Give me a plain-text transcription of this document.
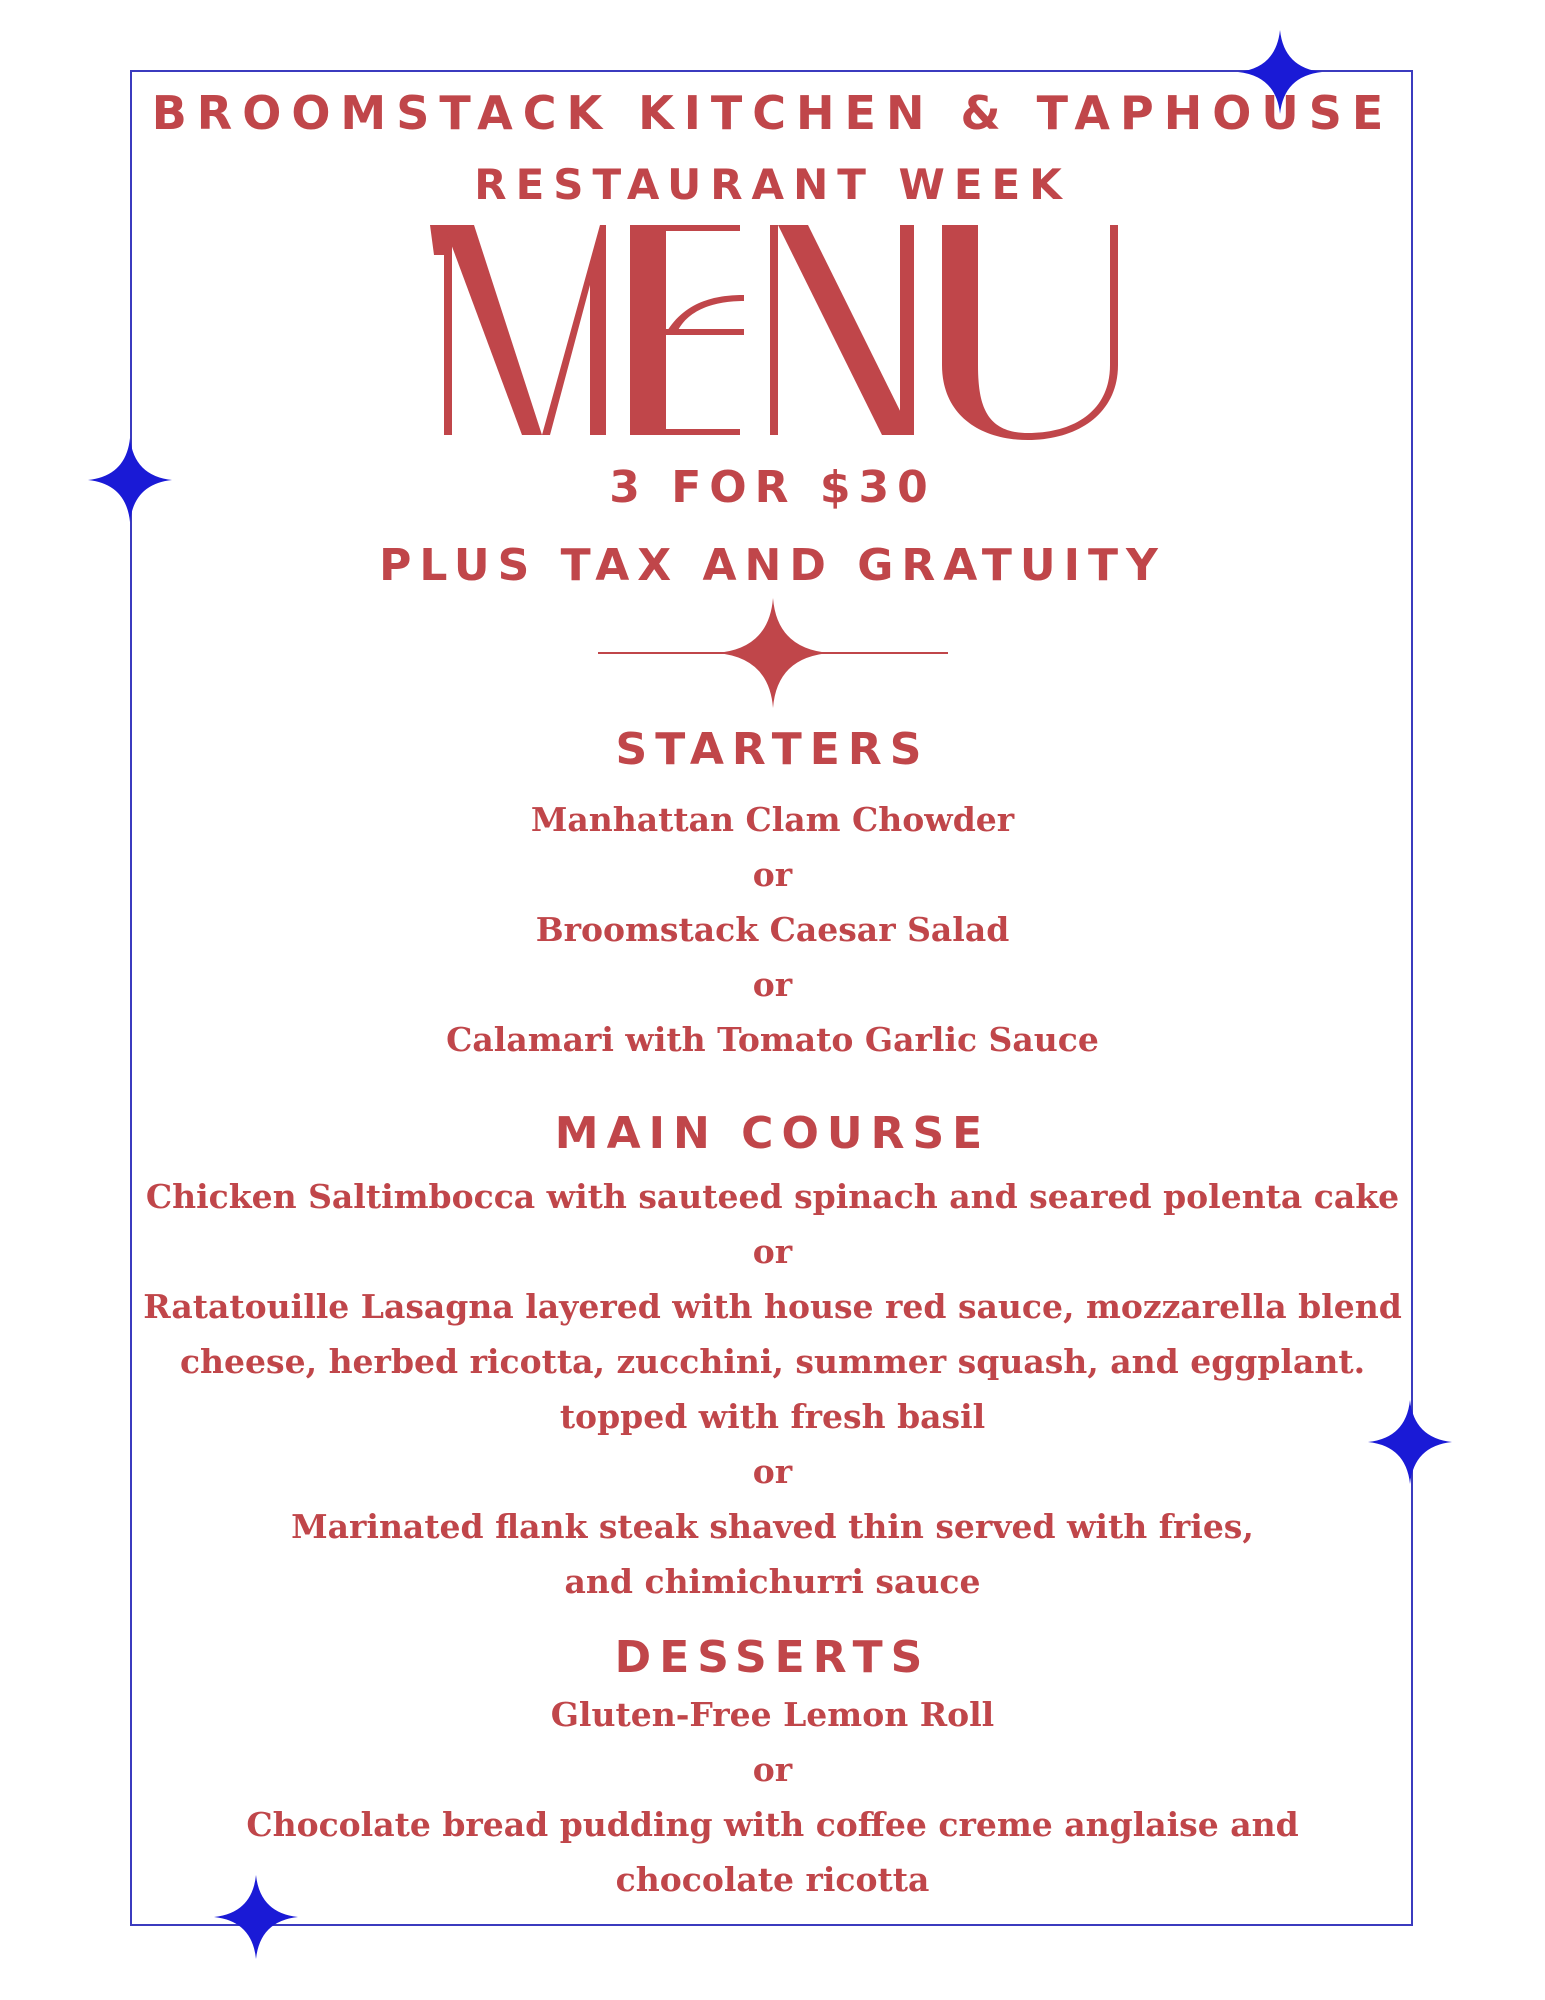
BROOMSTACK KITCHEN & TAPHOUSE
RESTAURANT WEEK
3 FOR $30
PLUS TAX AND GRATUITY
STARTERS
Manhattan Clam Chowder
or
Broomstack Caesar Salad
or
Calamari with Tomato Garlic Sauce
MAIN COURSE
Chicken Saltimbocca with sauteed spinach and seared polenta cake
or
Ratatouille Lasagna layered with house red sauce, mozzarella blend
cheese, herbed ricotta, zucchini, summer squash, and eggplant.
topped with fresh basil
or
Marinated flank steak shaved thin served with fries,
and chimichurri sauce
DESSERTS
Gluten-Free Lemon Roll
or
Chocolate bread pudding with coffee creme anglaise and
chocolate ricotta
